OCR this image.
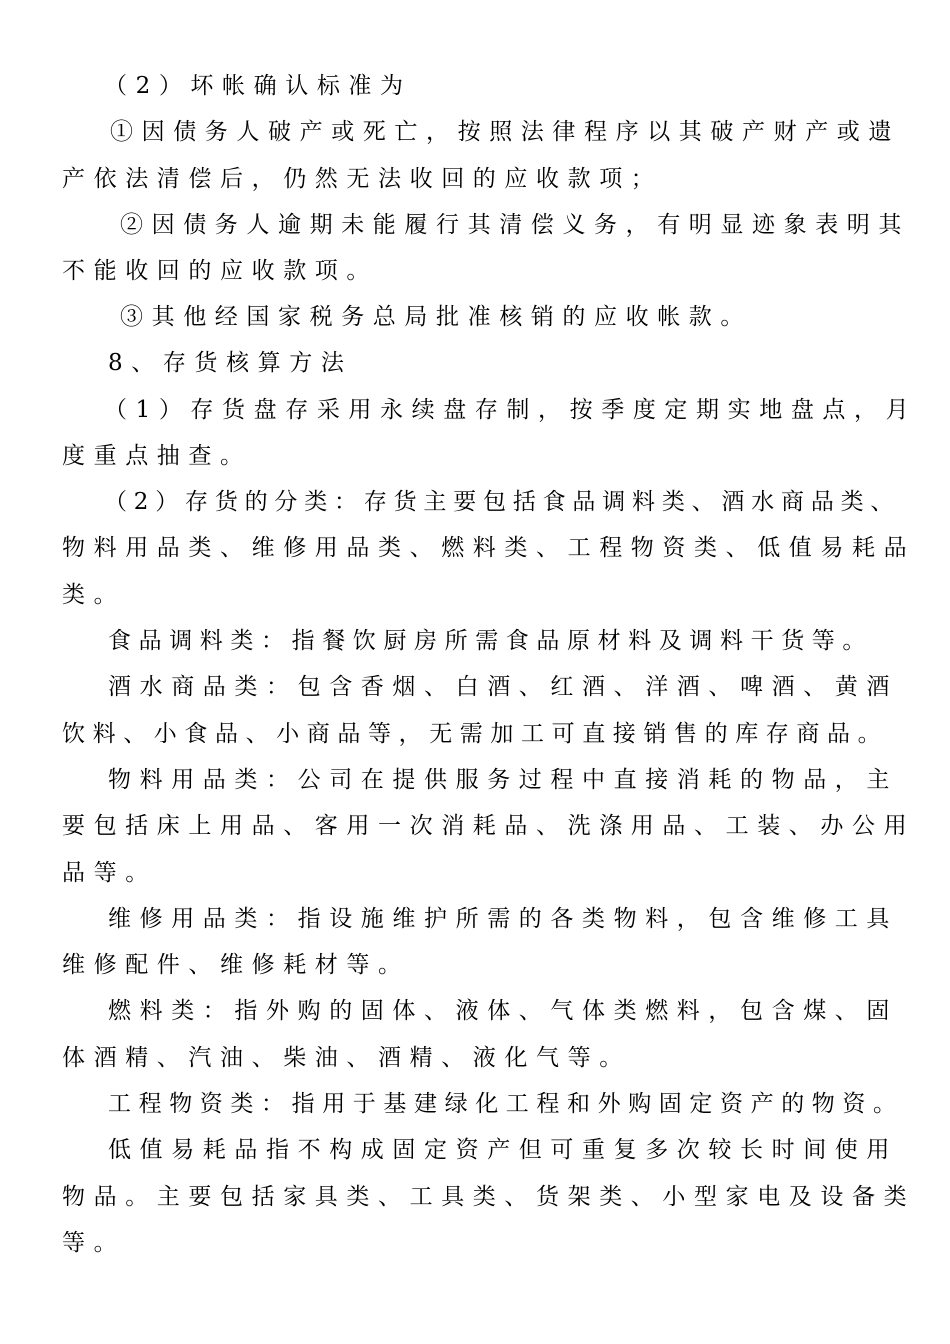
（2）坏帐确认标准为
①因债务人破产或死亡，按照法律程序以其破产财产或遗
产依法清偿后，仍然无法收回的应收款项；
②因债务人逾期未能履行其清偿义务，有明显迹象表明其
不能收回的应收款项。
③其他经国家税务总局批准核销的应收帐款。
8、存货核算方法
（1）存货盘存采用永续盘存制，按季度定期实地盘点，月
度重点抽查。
（2）存货的分类：存货主要包括食品调料类、酒水商品类、
物料用品类、维修用品类、燃料类、工程物资类、低值易耗品
类。
食品调料类：指餐饮厨房所需食品原材料及调料干货等。
酒水商品类：包含香烟、白酒、红酒、洋酒、啤酒、黄酒
饮料、小食品、小商品等，无需加工可直接销售的库存商品。
物料用品类：公司在提供服务过程中直接消耗的物品，主
要包括床上用品、客用一次消耗品、洗涤用品、工装、办公用
品等。
维修用品类：指设施维护所需的各类物料，包含维修工具
维修配件、维修耗材等。
燃料类：指外购的固体、液体、气体类燃料，包含煤、固
体酒精、汽油、柴油、酒精、液化气等。
工程物资类：指用于基建绿化工程和外购固定资产的物资。
低值易耗品指不构成固定资产但可重复多次较长时间使用
物品。主要包括家具类、工具类、货架类、小型家电及设备类
等。
